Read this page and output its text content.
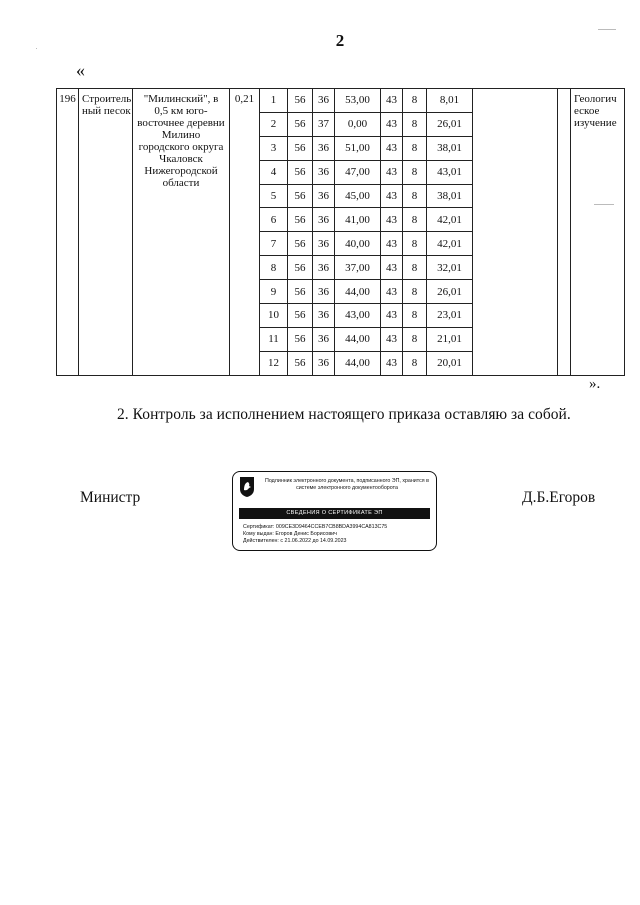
2
«
196	Строитель ный песок	"Милинский", в 0,5 км юго-восточнее деревни Милино городского округа Чкаловск Нижегородской области	0,21	1	56	36	53,00	43	8	8,01			Геологич еское изучение
				2	56	37	0,00	43	8	26,01			
				3	56	36	51,00	43	8	38,01			
				4	56	36	47,00	43	8	43,01			
				5	56	36	45,00	43	8	38,01			
				6	56	36	41,00	43	8	42,01			
				7	56	36	40,00	43	8	42,01			
				8	56	36	37,00	43	8	32,01			
				9	56	36	44,00	43	8	26,01			
				10	56	36	43,00	43	8	23,01			
				11	56	36	44,00	43	8	21,01			
				12	56	36	44,00	43	8	20,01			
».
2. Контроль за исполнением настоящего приказа оставляю за собой.
Министр	Д.Б.Егоров
Подлинник электронного документа, подписанного ЭП, хранится в системе электронного документооборота
СВЕДЕНИЯ О СЕРТИФИКАТЕ ЭП
Сертификат: 009CE3D9464CCEB7CB8BDA3994CA813C75
Кому выдан: Егоров Денис Борисович
Действителен: с 21.06.2022 до 14.09.2023
